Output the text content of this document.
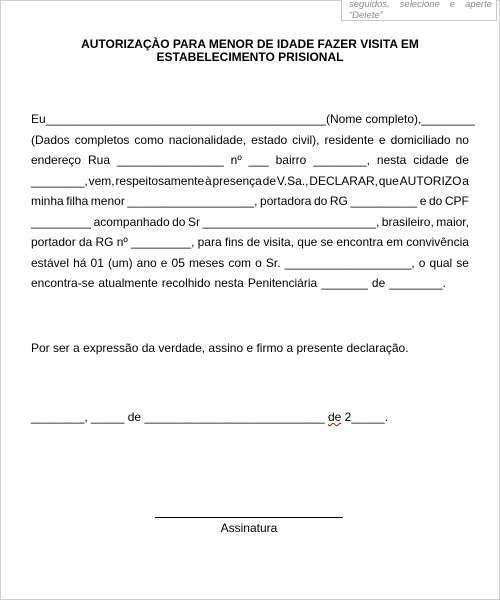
seguidos, selecione e aperte
“Delete”
AUTORIZAÇÀO PARA MENOR DE IDADE FAZER VISITA EM
ESTABELECIMENTO PRISIONAL
Eu _________________________ _________________ (Nome completo), ________
(Dados completos como nacionalidade, estado civil), residente e domiciliado no
endereço Rua ________________ nº ___ bairro ________, nesta cidade de
________, vem, respeitosamente à presença de V.Sa., DECLARAR, que AUTORIZO a
minha filha menor ___________________, portadora do RG __________ e do CPF
_________ acompanhado do Sr __________________________, brasileiro, maior,
portador da RG nº _________, para fins de visita, que se encontra em convivência
estável há 01 (um) ano e 05 meses com o Sr. ___________________, o qual se
encontra-se atualmente recolhido nesta Penitenciária _______ de ________.
Por ser a expressão da verdade, assino e firmo a presente declaração.
________, _____ de ___________________________ de 2_____.
Assinatura
